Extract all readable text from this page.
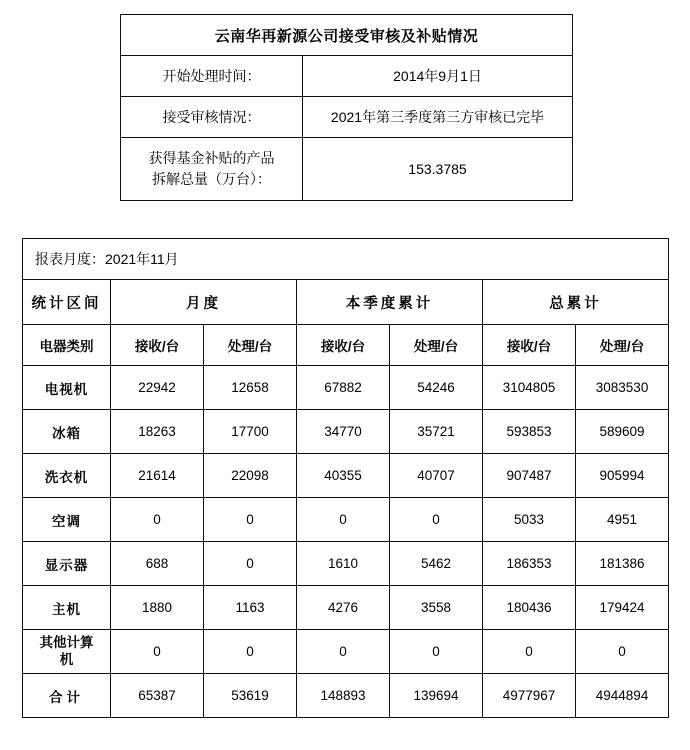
云南华再新源公司接受审核及补贴情况	
开始处理时间：	2014年9月1日
接受审核情况：	2021年第三季度第三方审核已完毕

获得基金补贴的产品
拆解总量（万台）：	153.3785
报表月度：2021年11月						
统计区间	月度		本季度累计		总累计	
电器类别	接收/台	处理/台	接收/台	处理/台	接收/台	处理/台
电视机	22942	12658	67882	54246	3104805	3083530
冰箱	18263	17700	34770	35721	593853	589609
洗衣机	21614	22098	40355	40707	907487	905994
空调	0	0	0	0	5033	4951
显示器	688	0	1610	5462	186353	181386
主机	1880	1163	4276	3558	180436	179424

其他计算
机	0	0	0	0	0	0
合计	65387	53619	148893	139694	4977967	4944894
